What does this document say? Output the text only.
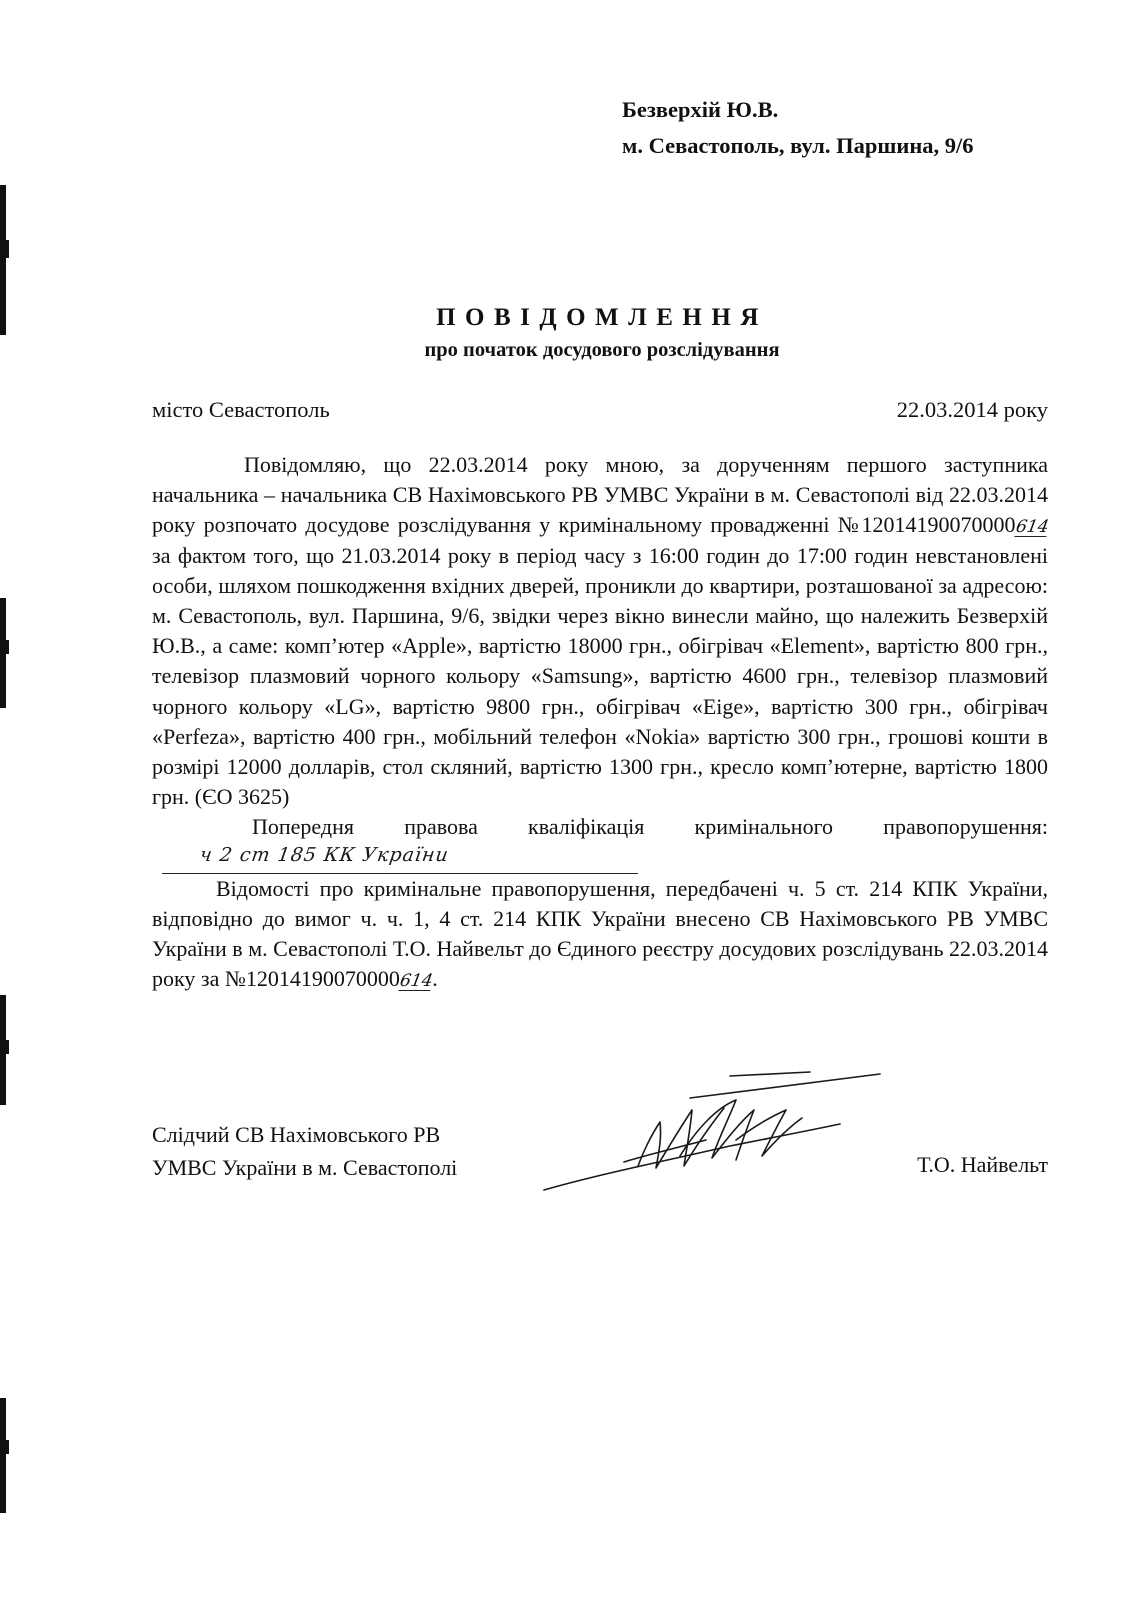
Безверхій Ю.В.
м. Севастополь, вул. Паршина, 9/6
ПОВІДОМЛЕННЯ
про початок досудового розслідування
місто Севастополь	22.03.2014 року

Повідомляю, що 22.03.2014 року мною, за дорученням першого заступника начальника – начальника СВ Нахімовського РВ УМВС України в м. Севастополі від 22.03.2014 року розпочато досудове розслідування у кримінальному провадженні №12014190070000614 за фактом того, що 21.03.2014 року в період часу з 16:00 годин до 17:00 годин невстановлені особи, шляхом пошкодження вхідних дверей, проникли до квартири, розташованої за адресою: м. Севастополь, вул. Паршина, 9/6, звідки через вікно винесли майно, що належить Безверхій Ю.В., а саме: комп’ютер «Apple», вартістю 18000 грн., обігрівач «Element», вартістю 800 грн., телевізор плазмовий чорного кольору «Samsung», вартістю 4600 грн., телевізор плазмовий чорного кольору «LG», вартістю 9800 грн., обігрівач «Eige», вартістю 300 грн., обігрівач «Perfeza», вартістю 400 грн., мобільний телефон «Nokia» вартістю 300 грн., грошові кошти в розмірі 12000 долларів, стол скляний, вартістю 1300 грн., кресло комп’ютерне, вартістю 1800 грн. (ЄО 3625)

Попередня правова кваліфікація кримінального правопорушення:

ч 2 ст 185 КК України

Відомості про кримінальне правопорушення, передбачені ч. 5 ст. 214 КПК України, відповідно до вимог ч. ч. 1, 4 ст. 214 КПК України внесено СВ Нахімовського РВ УМВС України в м. Севастополі Т.О. Найвельт до Єдиного реєстру досудових розслідувань 22.03.2014 року за №12014190070000614.

Слідчий СВ Нахімовського РВ
УМВС України в м. Севастополі	Т.О. Найвельт
